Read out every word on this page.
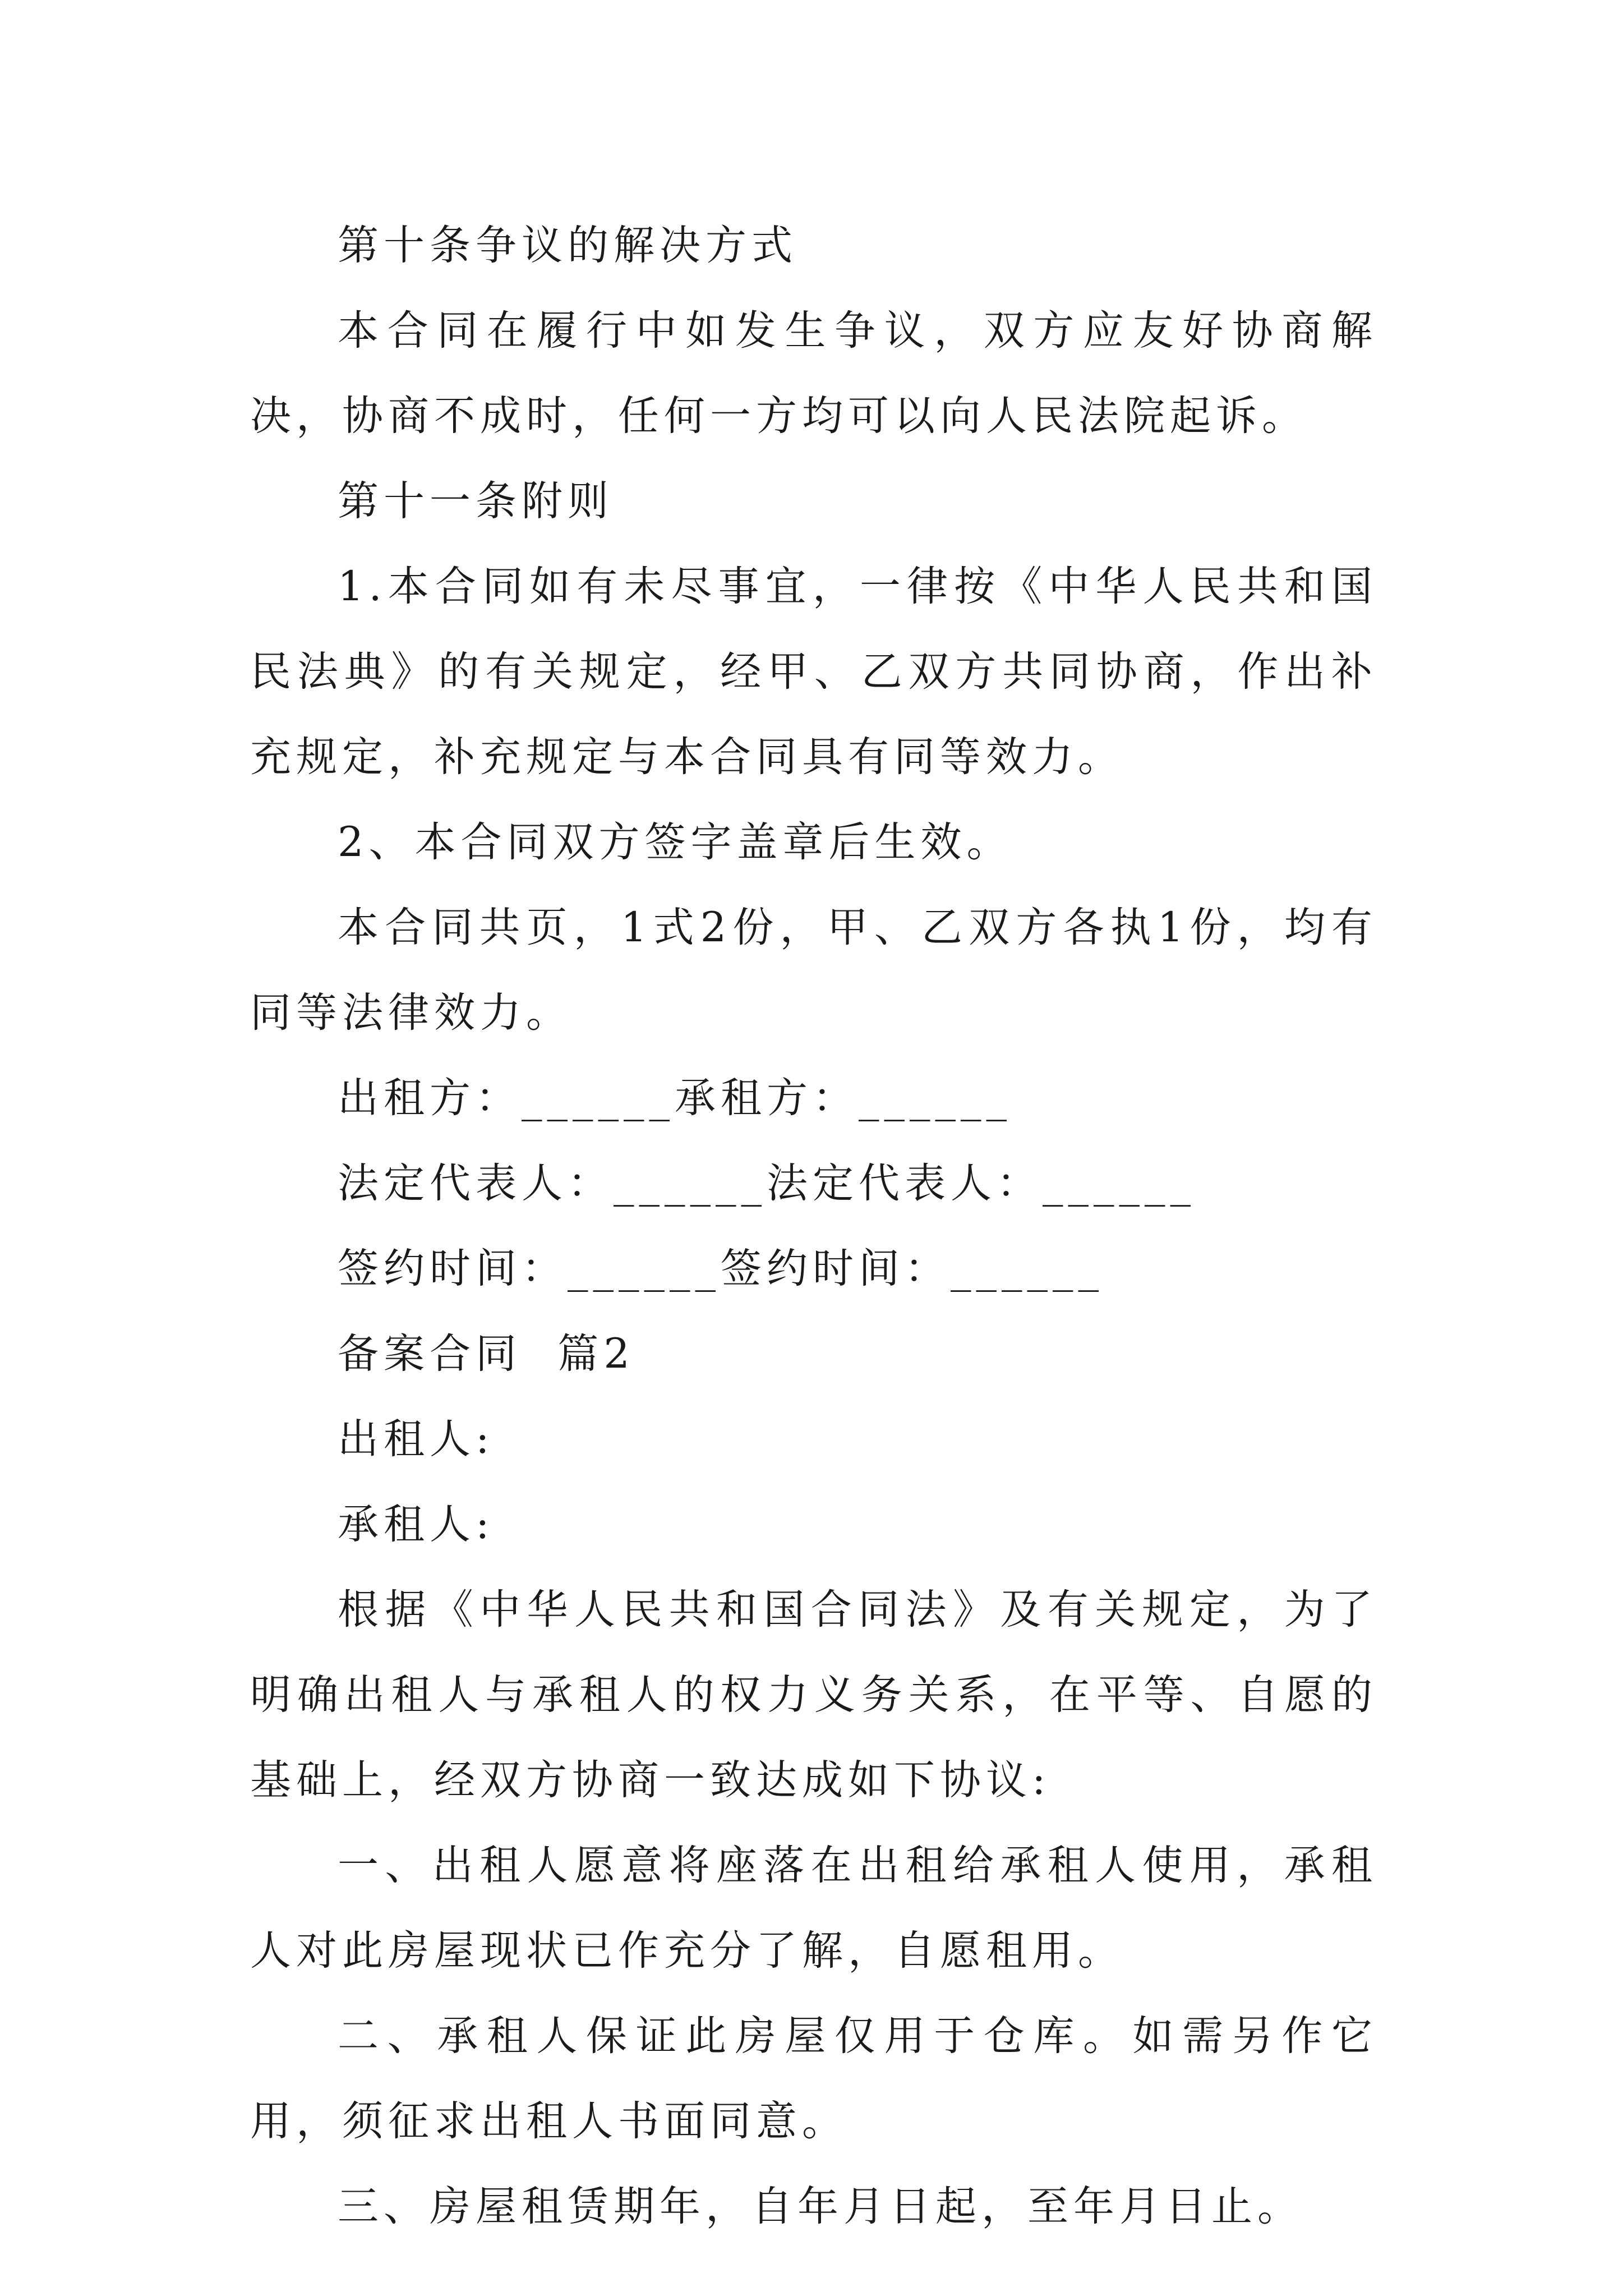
第十条争议的解决方式

本合同在履行中如发生争议，双方应友好协商解决，协商不成时，任何一方均可以向人民法院起诉。

第十一条附则

1.本合同如有未尽事宜，一律按《中华人民共和国民法典》的有关规定，经甲、乙双方共同协商，作出补充规定，补充规定与本合同具有同等效力。

2、本合同双方签字盖章后生效。

本合同共页，1式2份，甲、乙双方各执1份，均有同等法律效力。

出租方：______承租方：______

法定代表人：______法定代表人：______

签约时间：______签约时间：______

备案合同  篇2

出租人:

承租人:

根据《中华人民共和国合同法》及有关规定，为了明确出租人与承租人的权力义务关系，在平等、自愿的基础上，经双方协商一致达成如下协议:

一、出租人愿意将座落在出租给承租人使用，承租人对此房屋现状已作充分了解，自愿租用。

二、承租人保证此房屋仅用于仓库。如需另作它用，须征求出租人书面同意。

三、房屋租赁期年，自年月日起，至年月日止。
